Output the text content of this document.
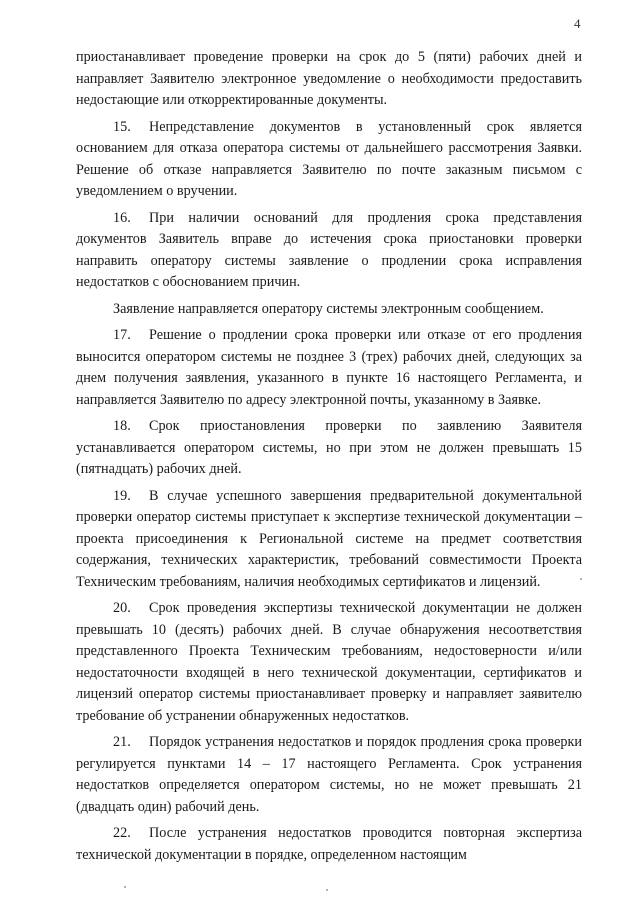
4

приостанавливает проведение проверки на срок до 5 (пяти) рабочих дней и направляет Заявителю электронное уведомление о необходимости предоставить недостающие или откорректированные документы.

15. Непредставление документов в установленный срок является основанием для отказа оператора системы от дальнейшего рассмотрения Заявки. Решение об отказе направляется Заявителю по почте заказным письмом с уведомлением о вручении.

16. При наличии оснований для продления срока представления документов Заявитель вправе до истечения срока приостановки проверки направить оператору системы заявление о продлении срока исправления недостатков с обоснованием причин.

Заявление направляется оператору системы электронным сообщением.

17. Решение о продлении срока проверки или отказе от его продления выносится оператором системы не позднее 3 (трех) рабочих дней, следующих за днем получения заявления, указанного в пункте 16 настоящего Регламента, и направляется Заявителю по адресу электронной почты, указанному в Заявке.

18. Срок приостановления проверки по заявлению Заявителя устанавливается оператором системы, но при этом не должен превышать 15 (пятнадцать) рабочих дней.

19. В случае успешного завершения предварительной документальной проверки оператор системы приступает к экспертизе технической документации – проекта присоединения к Региональной системе на предмет соответствия содержания, технических характеристик, требований совместимости Проекта Техническим требованиям, наличия необходимых сертификатов и лицензий.

20. Срок проведения экспертизы технической документации не должен превышать 10 (десять) рабочих дней. В случае обнаружения несоответствия представленного Проекта Техническим требованиям, недостоверности и/или недостаточности входящей в него технической документации, сертификатов и лицензий оператор системы приостанавливает проверку и направляет заявителю требование об устранении обнаруженных недостатков.

21. Порядок устранения недостатков и порядок продления срока проверки регулируется пунктами 14 – 17 настоящего Регламента. Срок устранения недостатков определяется оператором системы, но не может превышать 21 (двадцать один) рабочий день.

22. После устранения недостатков проводится повторная экспертиза технической документации в порядке, определенном настоящим
